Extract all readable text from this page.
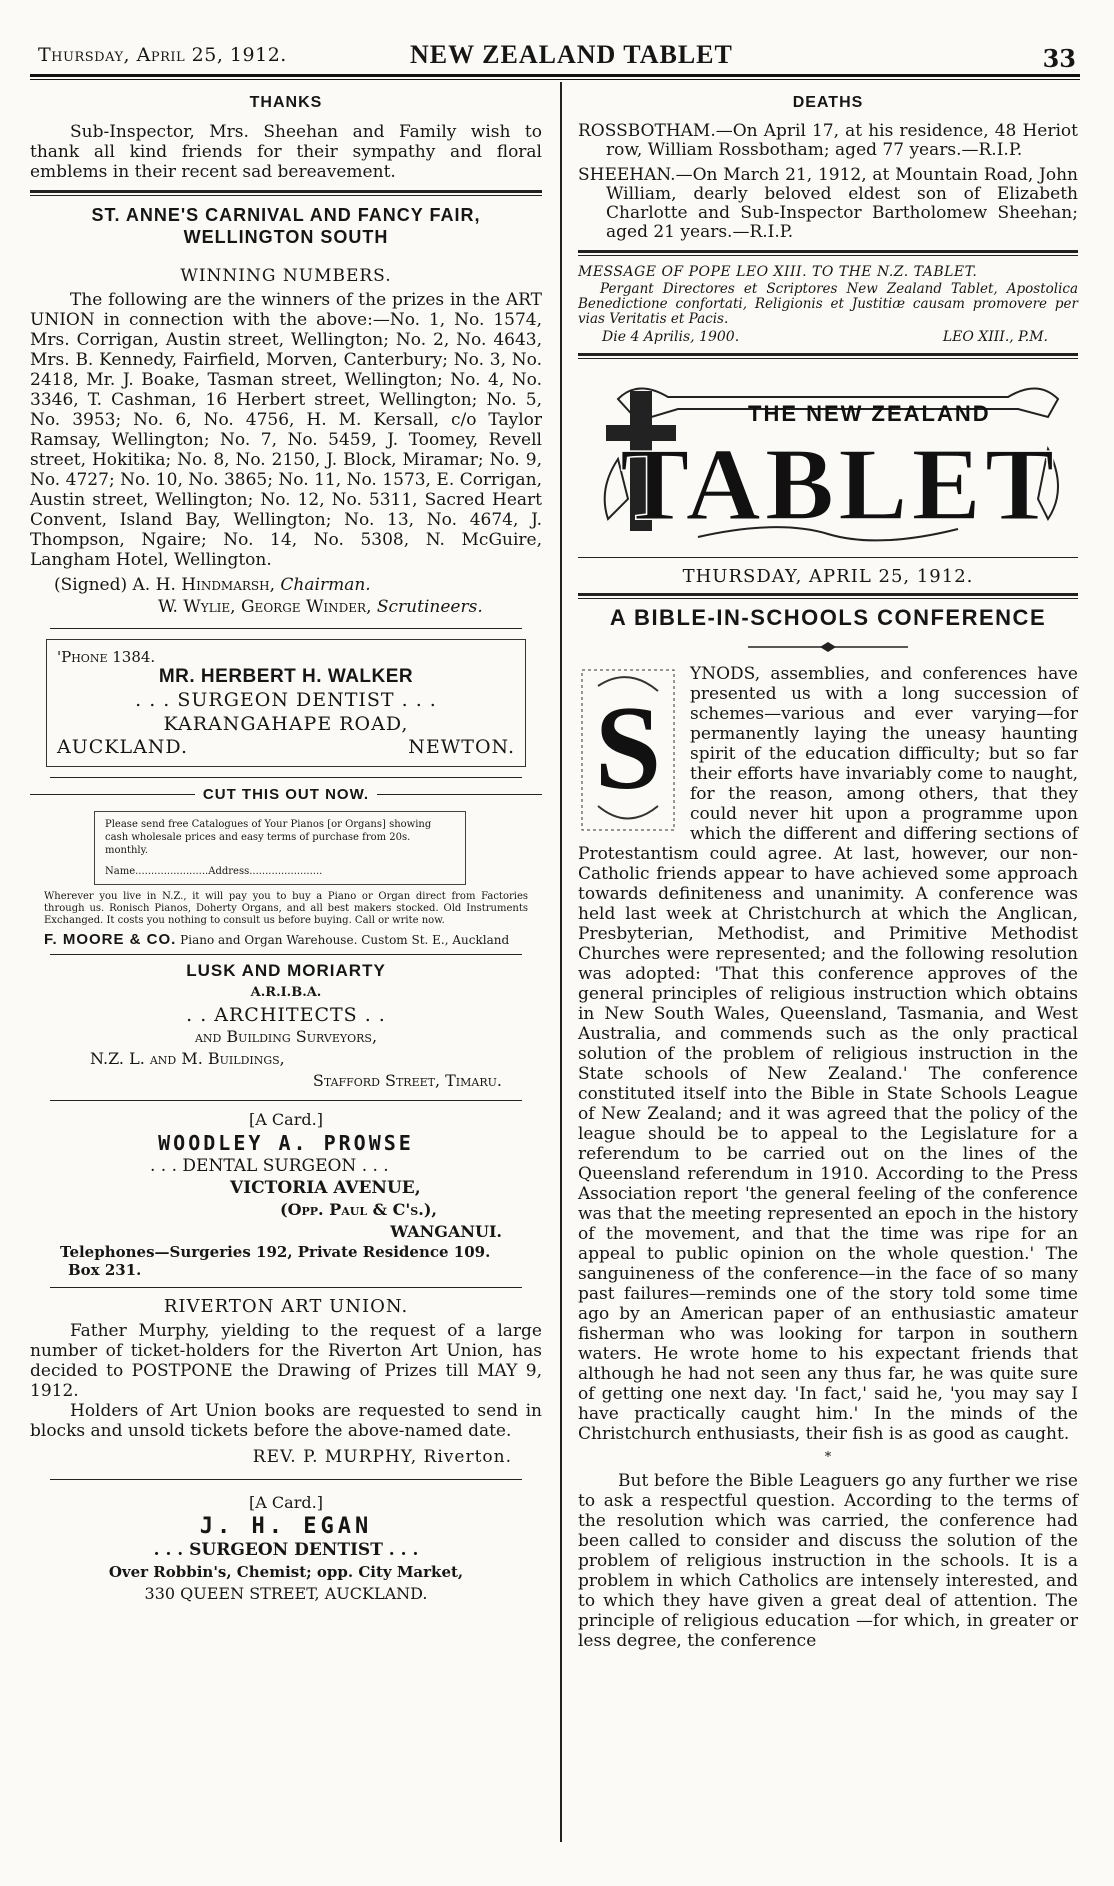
Thursday, April 25, 1912.	NEW ZEALAND TABLET	33
THANKS

Sub-Inspector, Mrs. Sheehan and Family wish to thank all kind friends for their sympathy and floral emblems in their recent sad bereavement.

ST. ANNE'S CARNIVAL AND FANCY FAIR,
WELLINGTON SOUTH
WINNING NUMBERS.

The following are the winners of the prizes in the ART UNION in connection with the above:—No. 1, No. 1574, Mrs. Corrigan, Austin street, Wellington; No. 2, No. 4643, Mrs. B. Kennedy, Fairfield, Morven, Canterbury; No. 3, No. 2418, Mr. J. Boake, Tasman street, Wellington; No. 4, No. 3346, T. Cashman, 16 Herbert street, Wellington; No. 5, No. 3953; No. 6, No. 4756, H. M. Kersall, c/o Taylor Ramsay, Wellington; No. 7, No. 5459, J. Toomey, Revell street, Hokitika; No. 8, No. 2150, J. Block, Miramar; No. 9, No. 4727; No. 10, No. 3865; No. 11, No. 1573, E. Corrigan, Austin street, Wellington; No. 12, No. 5311, Sacred Heart Convent, Island Bay, Wellington; No. 13, No. 4674, J. Thompson, Ngaire; No. 14, No. 5308, N. McGuire, Langham Hotel, Wellington.

(Signed) A. H. Hindmarsh, Chairman.
W. Wylie, George Winder, Scrutineers.
'Phone 1384.
MR. HERBERT H. WALKER
. . . SURGEON DENTIST . . .
KARANGAHAPE ROAD,
AUCKLAND.	NEWTON.
CUT THIS OUT NOW.
Please send free Catalogues of Your Pianos [or Organs] showing cash wholesale prices and easy terms of purchase from 20s. monthly.
Name.......................Address.......................

Wherever you live in N.Z., it will pay you to buy a Piano or Organ direct from Factories through us. Ronisch Pianos, Doherty Organs, and all best makers stocked. Old Instruments Exchanged. It costs you nothing to consult us before buying. Call or write now.

F. MOORE & CO. Piano and Organ Warehouse. Custom St. E., Auckland
LUSK AND MORIARTY
A.R.I.B.A.
. . ARCHITECTS . .
and Building Surveyors,
N.Z. L. and M. Buildings,
Stafford Street, Timaru.
[A Card.]
WOODLEY A. PROWSE
. . . DENTAL SURGEON . . .
VICTORIA AVENUE,
(Opp. Paul & C's.),
WANGANUI.
Telephones—Surgeries 192, Private Residence 109.
Box 231.
RIVERTON ART UNION.

Father Murphy, yielding to the request of a large number of ticket-holders for the Riverton Art Union, has decided to POSTPONE the Drawing of Prizes till MAY 9, 1912.

Holders of Art Union books are requested to send in blocks and unsold tickets before the above-named date.

REV. P. MURPHY, Riverton.
[A Card.]
J. H. EGAN
. . . SURGEON DENTIST . . .
Over Robbin's, Chemist; opp. City Market,
330 QUEEN STREET, AUCKLAND.
DEATHS

ROSSBOTHAM.—On April 17, at his residence, 48 Heriot row, William Rossbotham; aged 77 years.—R.I.P.

SHEEHAN.—On March 21, 1912, at Mountain Road, John William, dearly beloved eldest son of Elizabeth Charlotte and Sub-Inspector Bartholomew Sheehan; aged 21 years.—R.I.P.

MESSAGE OF POPE LEO XIII. TO THE N.Z. TABLET.

Pergant Directores et Scriptores New Zealand Tablet, Apostolica Benedictione confortati, Religionis et Justitiæ causam promovere per vias Veritatis et Pacis.

Die 4 Aprilis, 1900.	LEO XIII., P.M.
THE NEW ZEALAND
TABLET
THURSDAY, APRIL 25, 1912.
A BIBLE-IN-SCHOOLS CONFERENCE
S

YNODS, assemblies, and conferences have presented us with a long succession of schemes—various and ever varying—for permanently laying the uneasy haunting spirit of the education difficulty; but so far their efforts have invariably come to naught, for the reason, among others, that they could never hit upon a programme upon which the different and differing sections of Protestantism could agree. At last, however, our non-Catholic friends appear to have achieved some approach towards definiteness and unanimity. A conference was held last week at Christchurch at which the Anglican, Presbyterian, Methodist, and Primitive Methodist Churches were represented; and the following resolution was adopted: 'That this conference approves of the general principles of religious instruction which obtains in New South Wales, Queensland, Tasmania, and West Australia, and commends such as the only practical solution of the problem of religious instruction in the State schools of New Zealand.' The conference constituted itself into the Bible in State Schools League of New Zealand; and it was agreed that the policy of the league should be to appeal to the Legislature for a referendum to be carried out on the lines of the Queensland referendum in 1910. According to the Press Association report 'the general feeling of the conference was that the meeting represented an epoch in the history of the movement, and that the time was ripe for an appeal to public opinion on the whole question.' The sanguineness of the conference—in the face of so many past failures—reminds one of the story told some time ago by an American paper of an enthusiastic amateur fisherman who was looking for tarpon in southern waters. He wrote home to his expectant friends that although he had not seen any thus far, he was quite sure of getting one next day. 'In fact,' said he, 'you may say I have practically caught him.' In the minds of the Christchurch enthusiasts, their fish is as good as caught.

*

But before the Bible Leaguers go any further we rise to ask a respectful question. According to the terms of the resolution which was carried, the conference had been called to consider and discuss the solution of the problem of religious instruction in the schools. It is a problem in which Catholics are intensely interested, and to which they have given a great deal of attention. The principle of religious education —for which, in greater or less degree, the conference
